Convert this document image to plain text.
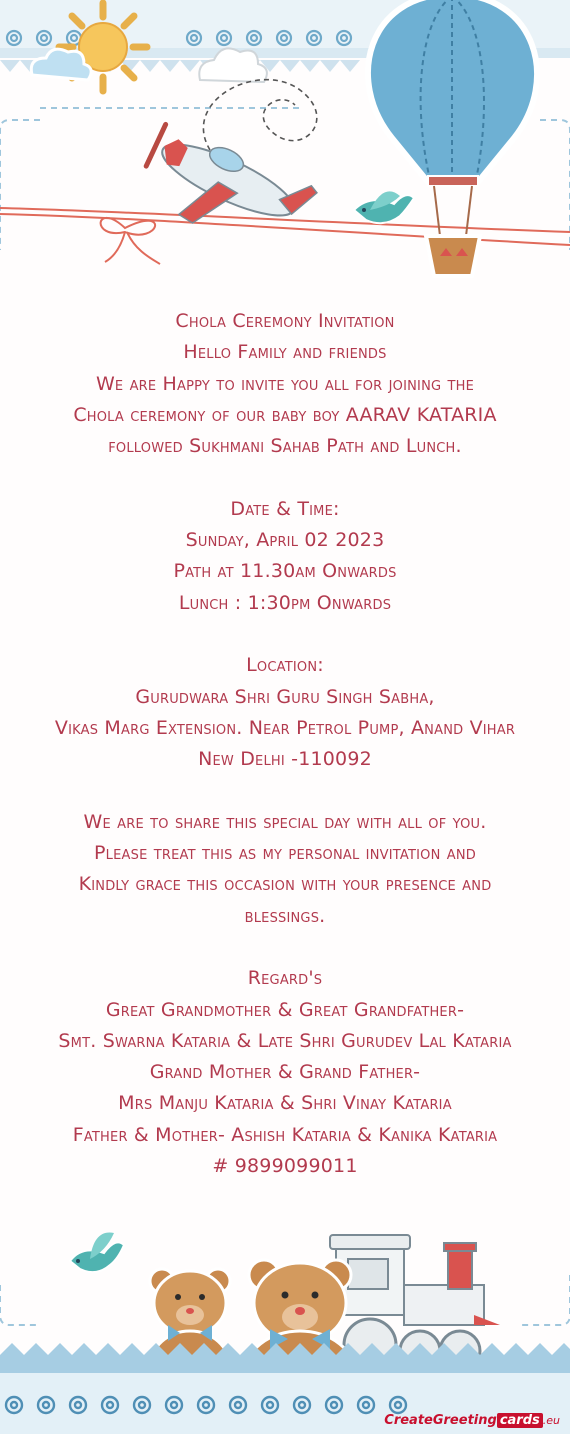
Chola Ceremony Invitation
Hello Family and friends
We are Happy to invite you all for joining the
Chola ceremony of our baby boy AARAV KATARIA
followed Sukhmani Sahab Path and Lunch.
Date & Time:
Sunday, April 02 2023
Path at 11.30am Onwards
Lunch : 1:30pm Onwards
Location:
Gurudwara Shri Guru Singh Sabha,
Vikas Marg Extension. Near Petrol Pump, Anand Vihar
New Delhi -110092
We are to share this special day with all of you.
Please treat this as my personal invitation and
Kindly grace this occasion with your presence and
blessings.
Regard's
Great Grandmother & Great Grandfather-
Smt. Swarna Kataria & Late Shri Gurudev Lal Kataria
Grand Mother & Grand Father-
Mrs Manju Kataria & Shri Vinay Kataria
Father & Mother- Ashish Kataria & Kanika Kataria
# 9899099011
CreateGreeting cards .eu
